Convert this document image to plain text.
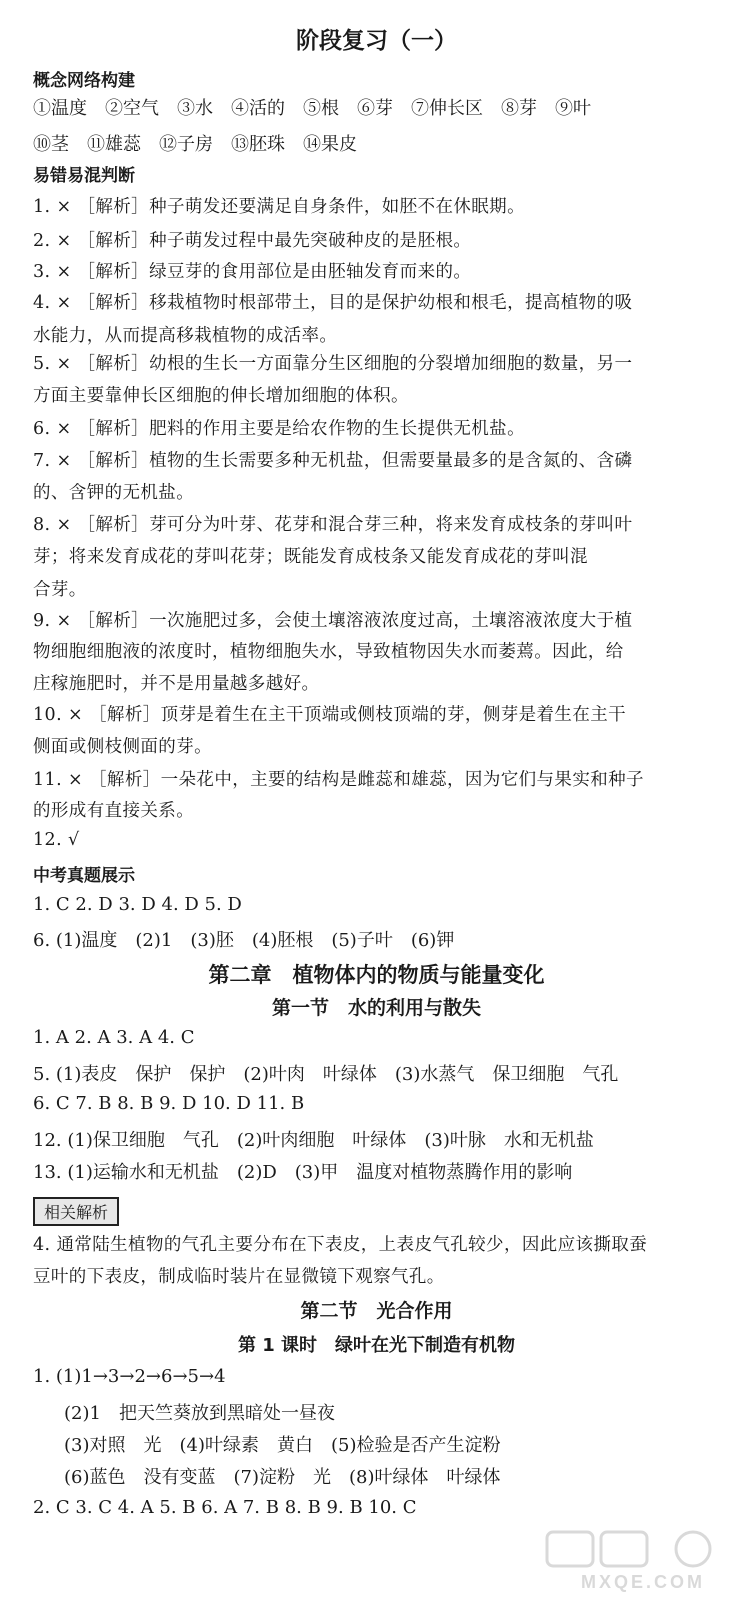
阶段复习（一）
概念网络构建
①温度　②空气　③水　④活的　⑤根　⑥芽　⑦伸长区　⑧芽　⑨叶
⑩茎　⑪雄蕊　⑫子房　⑬胚珠　⑭果皮
易错易混判断
1. × ［解析］种子萌发还要满足自身条件，如胚不在休眠期。
2. × ［解析］种子萌发过程中最先突破种皮的是胚根。
3. × ［解析］绿豆芽的食用部位是由胚轴发育而来的。
4. × ［解析］移栽植物时根部带土，目的是保护幼根和根毛，提高植物的吸
水能力，从而提高移栽植物的成活率。
5. × ［解析］幼根的生长一方面靠分生区细胞的分裂增加细胞的数量，另一
方面主要靠伸长区细胞的伸长增加细胞的体积。
6. × ［解析］肥料的作用主要是给农作物的生长提供无机盐。
7. × ［解析］植物的生长需要多种无机盐，但需要量最多的是含氮的、含磷
的、含钾的无机盐。
8. × ［解析］芽可分为叶芽、花芽和混合芽三种，将来发育成枝条的芽叫叶
芽；将来发育成花的芽叫花芽；既能发育成枝条又能发育成花的芽叫混
合芽。
9. × ［解析］一次施肥过多，会使土壤溶液浓度过高，土壤溶液浓度大于植
物细胞细胞液的浓度时，植物细胞失水，导致植物因失水而萎蔫。因此，给
庄稼施肥时，并不是用量越多越好。
10. × ［解析］顶芽是着生在主干顶端或侧枝顶端的芽，侧芽是着生在主干
侧面或侧枝侧面的芽。
11. × ［解析］一朵花中，主要的结构是雌蕊和雄蕊，因为它们与果实和种子
的形成有直接关系。
12. √
中考真题展示
1. C 2. D 3. D 4. D 5. D
6. (1)温度　(2)1　(3)胚　(4)胚根　(5)子叶　(6)钾
第二章　植物体内的物质与能量变化
第一节　水的利用与散失
1. A 2. A 3. A 4. C
5. (1)表皮　保护　保护　(2)叶肉　叶绿体　(3)水蒸气　保卫细胞　气孔
6. C 7. B 8. B 9. D 10. D 11. B
12. (1)保卫细胞　气孔　(2)叶肉细胞　叶绿体　(3)叶脉　水和无机盐
13. (1)运输水和无机盐　(2)D　(3)甲　温度对植物蒸腾作用的影响
相关解析
4. 通常陆生植物的气孔主要分布在下表皮，上表皮气孔较少，因此应该撕取蚕
豆叶的下表皮，制成临时装片在显微镜下观察气孔。
第二节　光合作用
第 1 课时　绿叶在光下制造有机物
1. (1)1→3→2→6→5→4
(2)1　把天竺葵放到黑暗处一昼夜
(3)对照　光　(4)叶绿素　黄白　(5)检验是否产生淀粉
(6)蓝色　没有变蓝　(7)淀粉　光　(8)叶绿体　叶绿体
2. C 3. C 4. A 5. B 6. A 7. B 8. B 9. B 10. C
MXQE.COM
